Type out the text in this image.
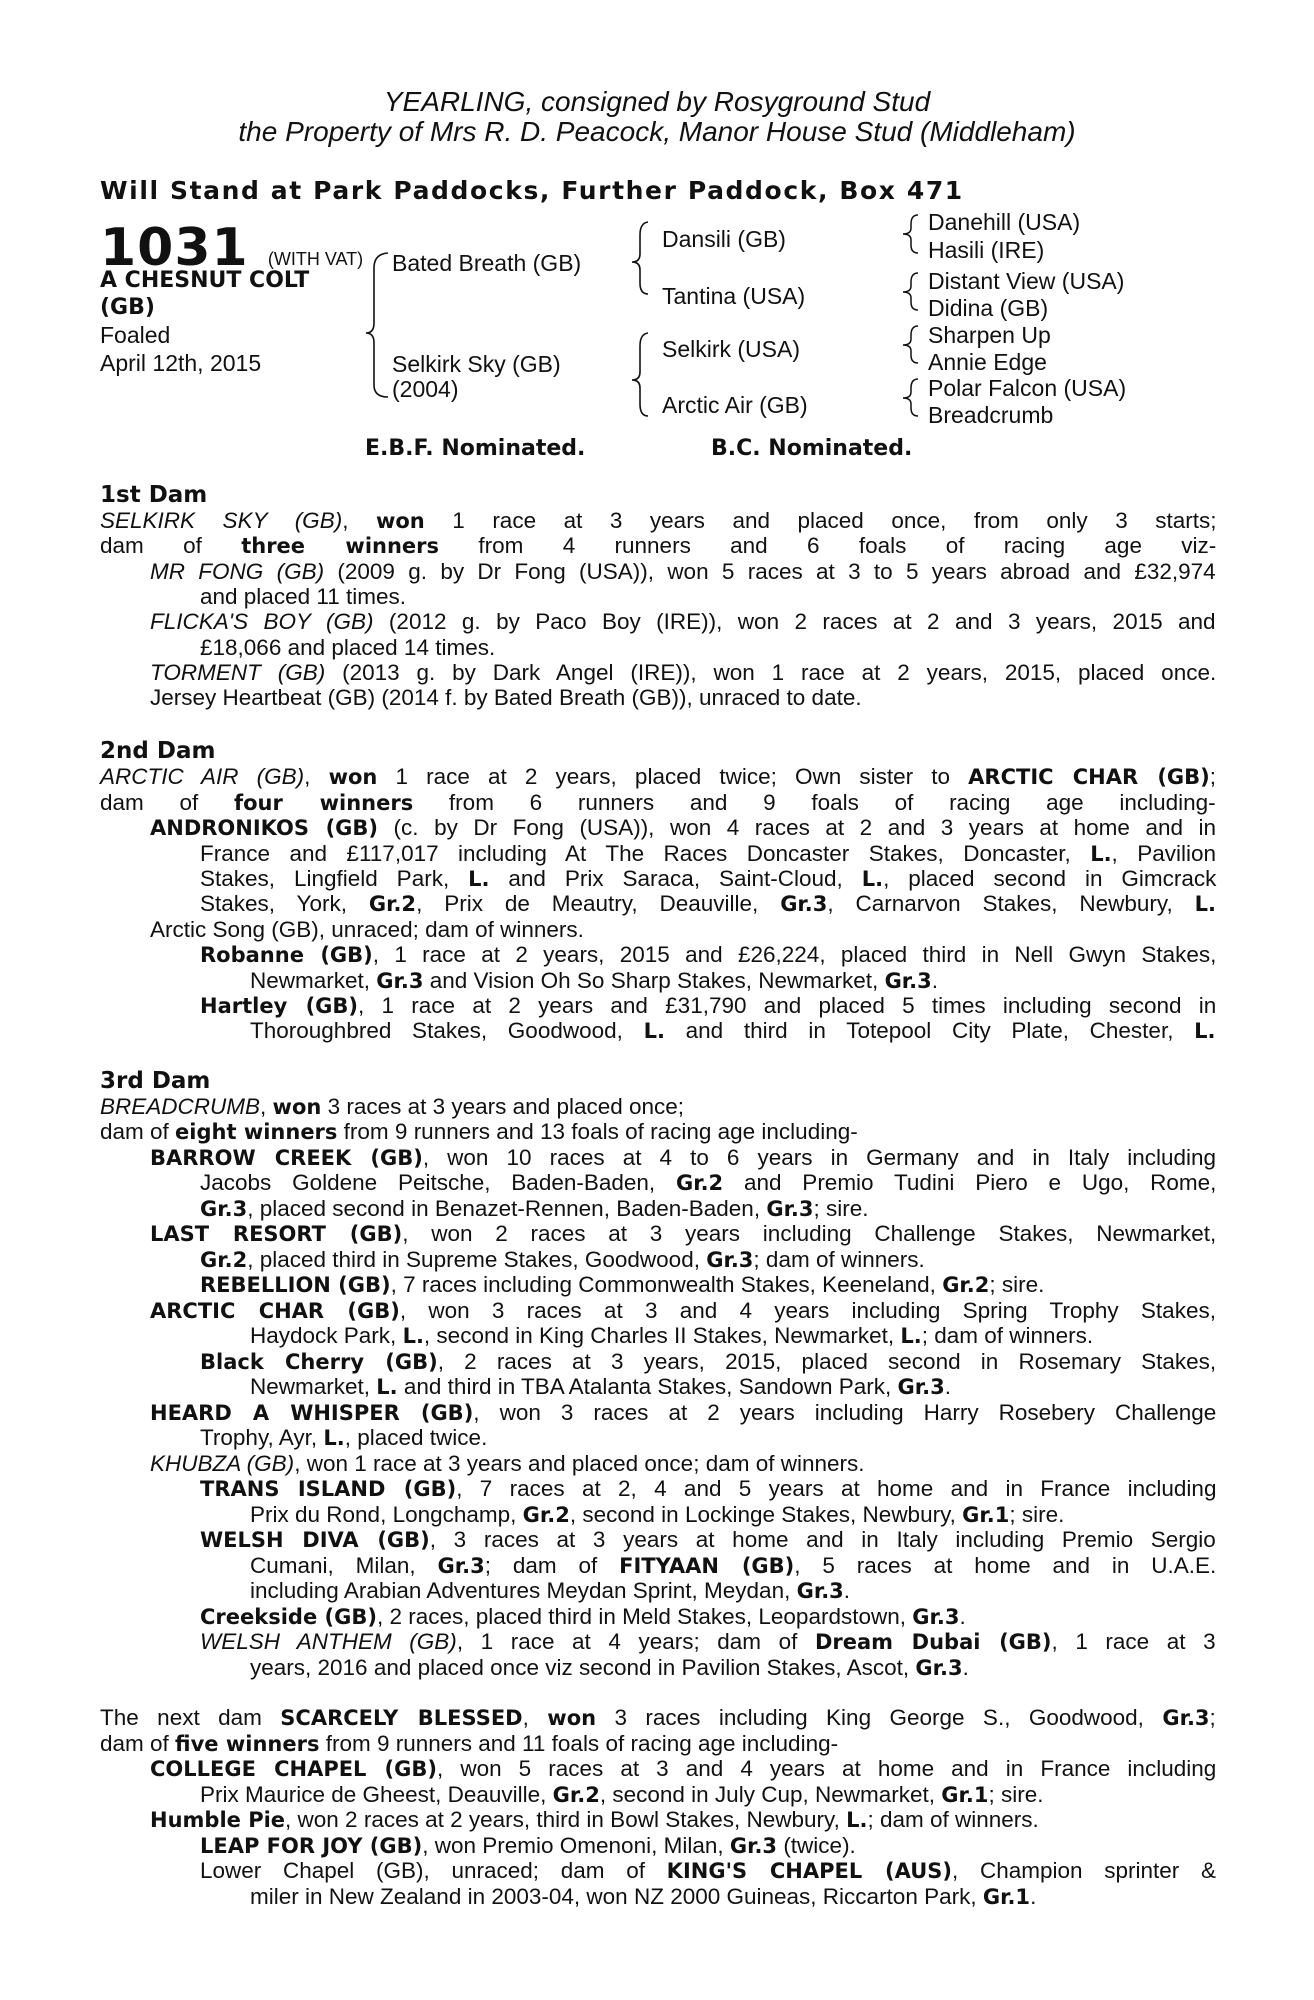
YEARLING, consigned by Rosyground Stud
the Property of Mrs R. D. Peacock, Manor House Stud (Middleham)
Will Stand at Park Paddocks, Further Paddock, Box 471
1031 (WITH VAT)
A CHESNUT COLT
(GB)
Foaled
April 12th, 2015
Bated Breath (GB)
Selkirk Sky (GB)
(2004)
Dansili (GB)
Tantina (USA)
Selkirk (USA)
Arctic Air (GB)
Danehill (USA)
Hasili (IRE)
Distant View (USA)
Didina (GB)
Sharpen Up
Annie Edge
Polar Falcon (USA)
Breadcrumb
E.B.F. Nominated.	B.C. Nominated.
1st Dam
2nd Dam
3rd Dam
SELKIRK SKY (GB), won 1 race at 3 years and placed once, from only 3 starts;
dam of three winners from 4 runners and 6 foals of racing age viz-
MR FONG (GB) (2009 g. by Dr Fong (USA)), won 5 races at 3 to 5 years abroad and £32,974
and placed 11 times.
FLICKA'S BOY (GB) (2012 g. by Paco Boy (IRE)), won 2 races at 2 and 3 years, 2015 and
£18,066 and placed 14 times.
TORMENT (GB) (2013 g. by Dark Angel (IRE)), won 1 race at 2 years, 2015, placed once.
Jersey Heartbeat (GB) (2014 f. by Bated Breath (GB)), unraced to date.
ARCTIC AIR (GB), won 1 race at 2 years, placed twice; Own sister to ARCTIC CHAR (GB);
dam of four winners from 6 runners and 9 foals of racing age including-
ANDRONIKOS (GB) (c. by Dr Fong (USA)), won 4 races at 2 and 3 years at home and in
France and £117,017 including At The Races Doncaster Stakes, Doncaster, L., Pavilion
Stakes, Lingfield Park, L. and Prix Saraca, Saint-Cloud, L., placed second in Gimcrack
Stakes, York, Gr.2, Prix de Meautry, Deauville, Gr.3, Carnarvon Stakes, Newbury, L.
Arctic Song (GB), unraced; dam of winners.
Robanne (GB), 1 race at 2 years, 2015 and £26,224, placed third in Nell Gwyn Stakes,
Newmarket, Gr.3 and Vision Oh So Sharp Stakes, Newmarket, Gr.3.
Hartley (GB), 1 race at 2 years and £31,790 and placed 5 times including second in
Thoroughbred Stakes, Goodwood, L. and third in Totepool City Plate, Chester, L.
BREADCRUMB, won 3 races at 3 years and placed once;
dam of eight winners from 9 runners and 13 foals of racing age including-
BARROW CREEK (GB), won 10 races at 4 to 6 years in Germany and in Italy including
Jacobs Goldene Peitsche, Baden-Baden, Gr.2 and Premio Tudini Piero e Ugo, Rome,
Gr.3, placed second in Benazet-Rennen, Baden-Baden, Gr.3; sire.
LAST RESORT (GB), won 2 races at 3 years including Challenge Stakes, Newmarket,
Gr.2, placed third in Supreme Stakes, Goodwood, Gr.3; dam of winners.
REBELLION (GB), 7 races including Commonwealth Stakes, Keeneland, Gr.2; sire.
ARCTIC CHAR (GB), won 3 races at 3 and 4 years including Spring Trophy Stakes,
Haydock Park, L., second in King Charles II Stakes, Newmarket, L.; dam of winners.
Black Cherry (GB), 2 races at 3 years, 2015, placed second in Rosemary Stakes,
Newmarket, L. and third in TBA Atalanta Stakes, Sandown Park, Gr.3.
HEARD A WHISPER (GB), won 3 races at 2 years including Harry Rosebery Challenge
Trophy, Ayr, L., placed twice.
KHUBZA (GB), won 1 race at 3 years and placed once; dam of winners.
TRANS ISLAND (GB), 7 races at 2, 4 and 5 years at home and in France including
Prix du Rond, Longchamp, Gr.2, second in Lockinge Stakes, Newbury, Gr.1; sire.
WELSH DIVA (GB), 3 races at 3 years at home and in Italy including Premio Sergio
Cumani, Milan, Gr.3; dam of FITYAAN (GB), 5 races at home and in U.A.E.
including Arabian Adventures Meydan Sprint, Meydan, Gr.3.
Creekside (GB), 2 races, placed third in Meld Stakes, Leopardstown, Gr.3.
WELSH ANTHEM (GB), 1 race at 4 years; dam of Dream Dubai (GB), 1 race at 3
years, 2016 and placed once viz second in Pavilion Stakes, Ascot, Gr.3.
The next dam SCARCELY BLESSED, won 3 races including King George S., Goodwood, Gr.3;
dam of five winners from 9 runners and 11 foals of racing age including-
COLLEGE CHAPEL (GB), won 5 races at 3 and 4 years at home and in France including
Prix Maurice de Gheest, Deauville, Gr.2, second in July Cup, Newmarket, Gr.1; sire.
Humble Pie, won 2 races at 2 years, third in Bowl Stakes, Newbury, L.; dam of winners.
LEAP FOR JOY (GB), won Premio Omenoni, Milan, Gr.3 (twice).
Lower Chapel (GB), unraced; dam of KING'S CHAPEL (AUS), Champion sprinter &
miler in New Zealand in 2003-04, won NZ 2000 Guineas, Riccarton Park, Gr.1.
